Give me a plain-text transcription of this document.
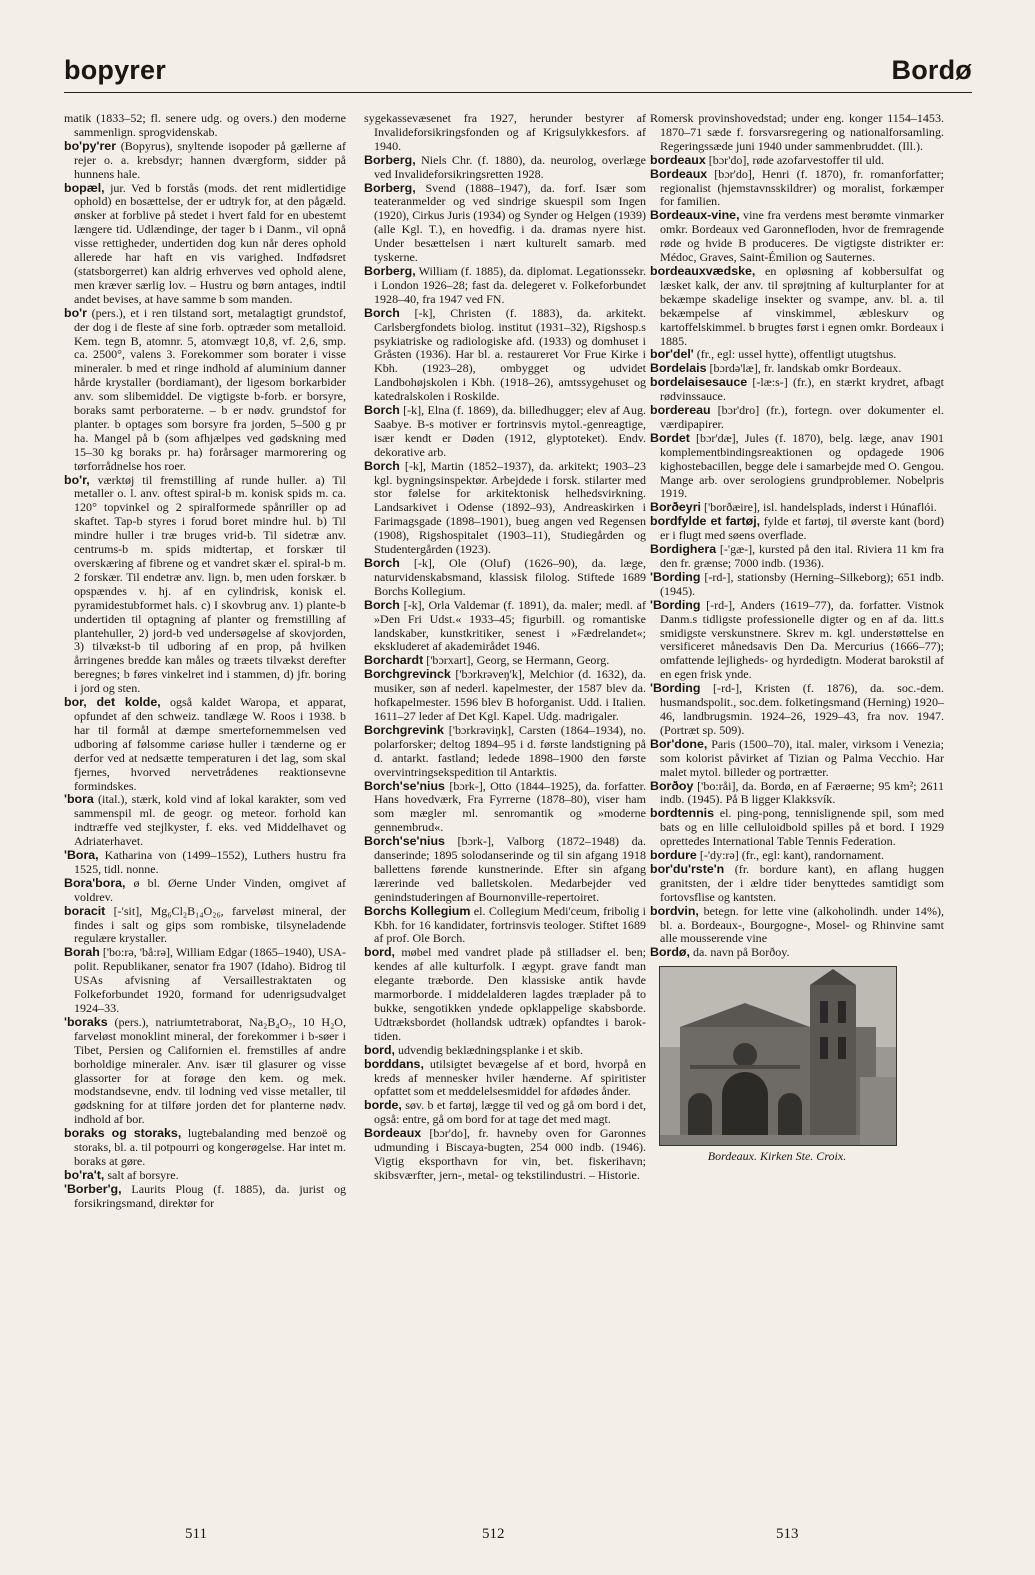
bopyrer	Bordø

matik (1833–52; fl. senere udg. og overs.) den moderne sammenlign. sprogvidenskab.

bo'py'rer (Bopyrus), snyltende isopoder på gællerne af rejer o. a. krebsdyr; hannen dværgform, sidder på hunnens hale.

bopæl, jur. Ved b forstås (mods. det rent midlertidige ophold) en bosættelse, der er udtryk for, at den pågæld. ønsker at forblive på stedet i hvert fald for en ubestemt længere tid. Udlændinge, der tager b i Danm., vil opnå visse rettigheder, undertiden dog kun når deres ophold allerede har haft en vis varighed. Indfødsret (statsborgerret) kan aldrig erhverves ved ophold alene, men kræver særlig lov. – Hustru og børn antages, indtil andet bevises, at have samme b som manden.

bo'r (pers.), et i ren tilstand sort, metalagtigt grundstof, der dog i de fleste af sine forb. optræder som metalloid. Kem. tegn B, atomnr. 5, atomvægt 10,8, vf. 2,6, smp. ca. 2500°, valens 3. Forekommer som borater i visse mineraler. b med et ringe indhold af aluminium danner hårde krystaller (bordiamant), der ligesom borkarbider anv. som slibemiddel. De vigtigste b-forb. er borsyre, boraks samt perboraterne. – b er nødv. grundstof for planter. b optages som borsyre fra jorden, 5–500 g pr ha. Mangel på b (som afhjælpes ved gødskning med 15–30 kg boraks pr. ha) forårsager marmorering og tørforrådnelse hos roer.

bo'r, værktøj til fremstilling af runde huller. a) Til metaller o. l. anv. oftest spiral-b m. konisk spids m. ca. 120° topvinkel og 2 spiralformede spånriller op ad skaftet. Tap-b styres i forud boret mindre hul. b) Til mindre huller i træ bruges vrid-b. Til sidetræ anv. centrums-b m. spids midtertap, et forskær til overskæring af fibrene og et vandret skær el. spiral-b m. 2 forskær. Til endetræ anv. lign. b, men uden forskær. b opspændes v. hj. af en cylindrisk, konisk el. pyramidestubformet hals. c) I skovbrug anv. 1) plante-b undertiden til optagning af planter og fremstilling af plantehuller, 2) jord-b ved undersøgelse af skovjorden, 3) tilvækst-b til udboring af en prop, på hvilken årringenes bredde kan måles og træets tilvækst derefter beregnes; b føres vinkelret ind i stammen, d) jfr. boring i jord og sten.

bor, det kolde, også kaldet Waropa, et apparat, opfundet af den schweiz. tandlæge W. Roos i 1938. b har til formål at dæmpe smertefornemmelsen ved udboring af følsomme cariøse huller i tænderne og er derfor ved at nedsætte temperaturen i det lag, som skal fjernes, hvorved nervetrådenes reaktionsevne formindskes.

'bora (ital.), stærk, kold vind af lokal karakter, som ved sammenspil ml. de geogr. og meteor. forhold kan indtræffe ved stejlkyster, f. eks. ved Middelhavet og Adriaterhavet.

'Bora, Katharina von (1499–1552), Luthers hustru fra 1525, tidl. nonne.

Bora'bora, ø bl. Øerne Under Vinden, omgivet af voldrev.

boracit [-'sit], Mg₆Cl₂B₁₄O₂₆, farveløst mineral, der findes i salt og gips som rombiske, tilsyneladende regulære krystaller.

Borah ['bo:rə, 'bå:rə], William Edgar (1865–1940), USA-polit. Republikaner, senator fra 1907 (Idaho). Bidrog til USAs afvisning af Versaillestraktaten og Folkeforbundet 1920, formand for udenrigsudvalget 1924–33.

'boraks (pers.), natriumtetraborat, Na₂B₄O₇, 10 H₂O, farveløst monoklint mineral, der forekommer i b-søer i Tibet, Persien og Californien el. fremstilles af andre borholdige mineraler. Anv. især til glasurer og visse glassorter for at forøge den kem. og mek. modstandsevne, endv. til lodning ved visse metaller, til gødskning for at tilføre jorden det for planterne nødv. indhold af bor.

boraks og storaks, lugtebalanding med benzoë og storaks, bl. a. til potpourri og kongerøgelse. Har intet m. boraks at gøre.

bo'ra't, salt af borsyre.

'Borber'g, Laurits Ploug (f. 1885), da. jurist og forsikringsmand, direktør for

sygekassevæsenet fra 1927, herunder bestyrer af Invalideforsikringsfonden og af Krigsulykkesfors. af 1940.

Borberg, Niels Chr. (f. 1880), da. neurolog, overlæge ved Invalideforsikringsretten 1928.

Borberg, Svend (1888–1947), da. forf. Især som teateranmelder og ved sindrige skuespil som Ingen (1920), Cirkus Juris (1934) og Synder og Helgen (1939) (alle Kgl. T.), en hovedfig. i da. dramas nyere hist. Under besættelsen i nært kulturelt samarb. med tyskerne.

Borberg, William (f. 1885), da. diplomat. Legationssekr. i London 1926–28; fast da. delegeret v. Folkeforbundet 1928–40, fra 1947 ved FN.

Borch [-k], Christen (f. 1883), da. arkitekt. Carlsbergfondets biolog. institut (1931–32), Rigshosp.s psykiatriske og radiologiske afd. (1933) og domhuset i Gråsten (1936). Har bl. a. restaureret Vor Frue Kirke i Kbh. (1923–28), ombygget og udvidet Landbohøjskolen i Kbh. (1918–26), amtssygehuset og katedralskolen i Roskilde.

Borch [-k], Elna (f. 1869), da. billedhugger; elev af Aug. Saabye. B-s motiver er fortrinsvis mytol.-genreagtige, især kendt er Døden (1912, glyptoteket). Endv. dekorative arb.

Borch [-k], Martin (1852–1937), da. arkitekt; 1903–23 kgl. bygningsinspektør. Arbejdede i forsk. stilarter med stor følelse for arkitektonisk helhedsvirkning. Landsarkivet i Odense (1892–93), Andreaskirken i Farimagsgade (1898–1901), bueg angen ved Regensen (1908), Rigshospitalet (1903–11), Studiegården og Studentergården (1923).

Borch [-k], Ole (Oluf) (1626–90), da. læge, naturvidenskabsmand, klassisk filolog. Stiftede 1689 Borchs Kollegium.

Borch [-k], Orla Valdemar (f. 1891), da. maler; medl. af »Den Fri Udst.« 1933–45; figurbill. og romantiske landskaber, kunstkritiker, senest i »Fædrelandet«; ekskluderet af akademirådet 1946.

Borchardt ['bɔrxart], Georg, se Hermann, Georg.

Borchgrevinck ['bɔrkrəveŋ'k], Melchior (d. 1632), da. musiker, søn af nederl. kapelmester, der 1587 blev da. hofkapelmester. 1596 blev B hoforganist. Udd. i Italien. 1611–27 leder af Det Kgl. Kapel. Udg. madrigaler.

Borchgrevink ['bɔrkrəviŋk], Carsten (1864–1934), no. polarforsker; deltog 1894–95 i d. første landstigning på d. antarkt. fastland; ledede 1898–1900 den første overvintringsekspedition til Antarktis.

Borch'se'nius [bɔrk-], Otto (1844–1925), da. forfatter. Hans hovedværk, Fra Fyrrerne (1878–80), viser ham som mægler ml. senromantik og »moderne gennembrud«.

Borch'se'nius [bɔrk-], Valborg (1872–1948) da. danserinde; 1895 solodanserinde og til sin afgang 1918 ballettens førende kunstnerinde. Efter sin afgang lærerinde ved balletskolen. Medarbejder ved genindstuderingen af Bournonville-repertoiret.

Borchs Kollegium el. Collegium Medi'ceum, fribolig i Kbh. for 16 kandidater, fortrinsvis teologer. Stiftet 1689 af prof. Ole Borch.

bord, møbel med vandret plade på stilladser el. ben; kendes af alle kulturfolk. I ægypt. grave fandt man elegante træborde. Den klassiske antik havde marmorborde. I middelalderen lagdes træplader på to bukke, sengotikken yndede opklappelige skabsborde. Udtræksbordet (hollandsk udtræk) opfandtes i barok-tiden.

bord, udvendig beklædningsplanke i et skib.

borddans, utilsigtet bevægelse af et bord, hvorpå en kreds af mennesker hviler hænderne. Af spiritister opfattet som et meddelelsesmiddel for afdødes ånder.

borde, søv. b et fartøj, lægge til ved og gå om bord i det, også: entre, gå om bord for at tage det med magt.

Bordeaux [bɔr'do], fr. havneby oven for Garonnes udmunding i Biscaya-bugten, 254 000 indb. (1946). Vigtig eksporthavn for vin, bet. fiskerihavn; skibsværfter, jern-, metal- og tekstilindustri. – Historie.

Romersk provinshovedstad; under eng. konger 1154–1453. 1870–71 sæde f. forsvarsregering og nationalforsamling. Regeringssæde juni 1940 under sammenbruddet. (Ill.).

bordeaux [bɔr'do], røde azofarvestoffer til uld.

Bordeaux [bɔr'do], Henri (f. 1870), fr. romanforfatter; regionalist (hjemstavnsskildrer) og moralist, forkæmper for familien.

Bordeaux-vine, vine fra verdens mest berømte vinmarker omkr. Bordeaux ved Garonnefloden, hvor de fremragende røde og hvide B produceres. De vigtigste distrikter er: Médoc, Graves, Saint-Émilion og Sauternes.

bordeauxvædske, en opløsning af kobbersulfat og læsket kalk, der anv. til sprøjtning af kulturplanter for at bekæmpe skadelige insekter og svampe, anv. bl. a. til bekæmpelse af vinskimmel, æbleskurv og kartoffelskimmel. b brugtes først i egnen omkr. Bordeaux i 1885.

bor'del' (fr., egl: ussel hytte), offentligt utugtshus.

Bordelais [bɔrdə'læ], fr. landskab omkr Bordeaux.

bordelaisesauce [-læ:s-] (fr.), en stærkt krydret, afbagt rødvinssauce.

bordereau [bɔr'dro] (fr.), fortegn. over dokumenter el. værdipapirer.

Bordet [bɔr'dæ], Jules (f. 1870), belg. læge, anav 1901 komplementbindingsreaktionen og opdagede 1906 kighostebacillen, begge dele i samarbejde med O. Gengou. Mange arb. over serologiens grundproblemer. Nobelpris 1919.

Borðeyri ['borðæire], isl. handelsplads, inderst i Húnaflói.

bordfylde et fartøj, fylde et fartøj, til øverste kant (bord) er i flugt med søens overflade.

Bordighera [-'gæ-], kursted på den ital. Riviera 11 km fra den fr. grænse; 7000 indb. (1936).

'Bording [-rd-], stationsby (Herning–Silkeborg); 651 indb. (1945).

'Bording [-rd-], Anders (1619–77), da. forfatter. Vistnok Danm.s tidligste professionelle digter og en af da. litt.s smidigste verskunstnere. Skrev m. kgl. understøttelse en versificeret månedsavis Den Da. Mercurius (1666–77); omfattende lejligheds- og hyrdedigtn. Moderat barokstil af en egen frisk ynde.

'Bording [-rd-], Kristen (f. 1876), da. soc.-dem. husmandspolit., soc.dem. folketingsmand (Herning) 1920–46, landbrugsmin. 1924–26, 1929–43, fra nov. 1947. (Portræt sp. 509).

Bor'done, Paris (1500–70), ital. maler, virksom i Venezia; som kolorist påvirket af Tizian og Palma Vecchio. Har malet mytol. billeder og portrætter.

Borðoy ['bo:råi], da. Bordø, en af Færøerne; 95 km²; 2611 indb. (1945). På B ligger Klakksvík.

bordtennis el. ping-pong, tennislignende spil, som med bats og en lille celluloidbold spilles på et bord. I 1929 oprettedes International Table Tennis Federation.

bordure [-'dy:rə] (fr., egl: kant), randornament.

bor'du'rste'n (fr. bordure kant), en aflang huggen granitsten, der i ældre tider benyttedes samtidigt som fortovsflise og kantsten.

bordvin, betegn. for lette vine (alkoholindh. under 14%), bl. a. Bordeaux-, Bourgogne-, Mosel- og Rhinvine samt alle mousserende vine

Bordø, da. navn på Borðoy.

Bordeaux. Kirken Ste. Croix.
511	512	513
